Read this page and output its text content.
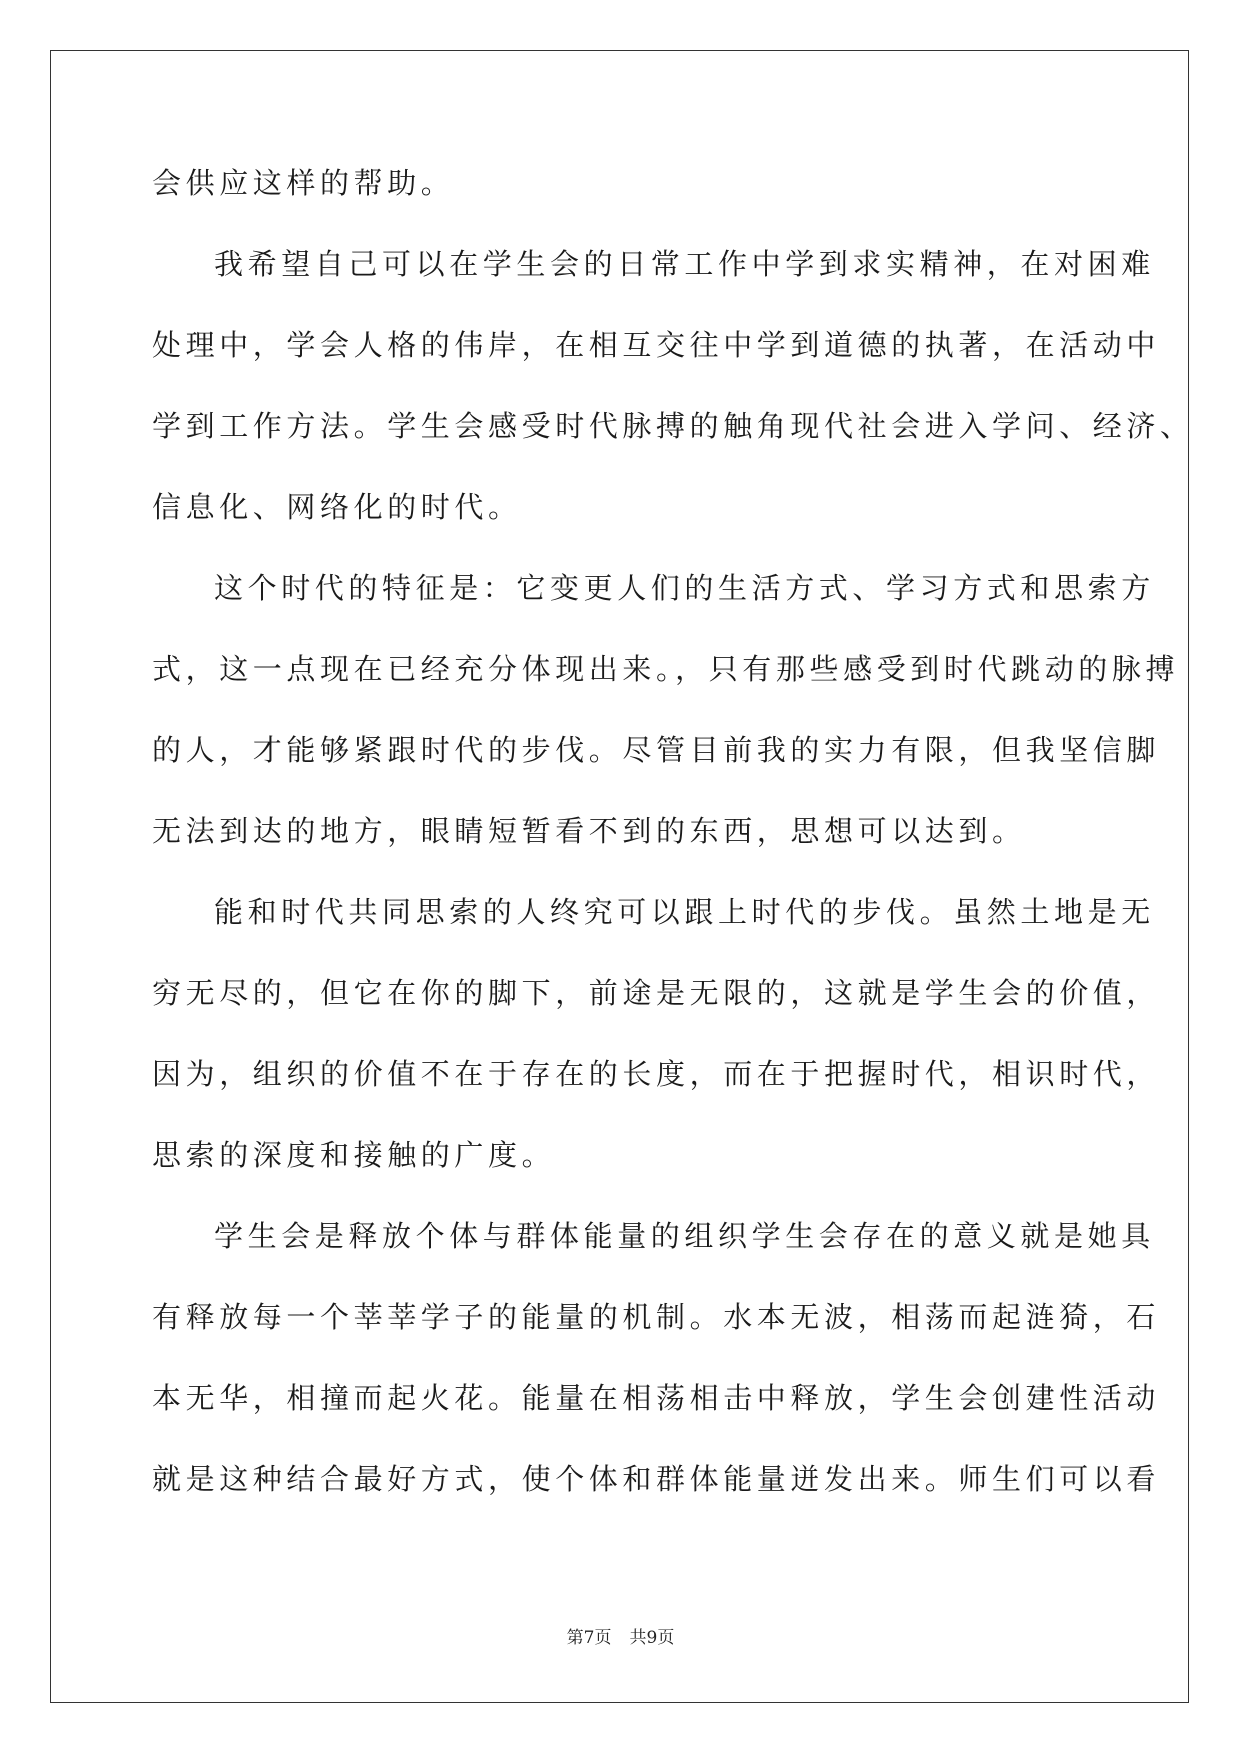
会供应这样的帮助。
我希望自己可以在学生会的日常工作中学到求实精神，在对困难
处理中，学会人格的伟岸，在相互交往中学到道德的执著，在活动中
学到工作方法。学生会感受时代脉搏的触角现代社会进入学问、经济、
信息化、网络化的时代。
这个时代的特征是：它变更人们的生活方式、学习方式和思索方
式，这一点现在已经充分体现出来。，只有那些感受到时代跳动的脉搏
的人，才能够紧跟时代的步伐。尽管目前我的实力有限，但我坚信脚
无法到达的地方，眼睛短暂看不到的东西，思想可以达到。
能和时代共同思索的人终究可以跟上时代的步伐。虽然土地是无
穷无尽的，但它在你的脚下，前途是无限的，这就是学生会的价值，
因为，组织的价值不在于存在的长度，而在于把握时代，相识时代，
思索的深度和接触的广度。
学生会是释放个体与群体能量的组织学生会存在的意义就是她具
有释放每一个莘莘学子的能量的机制。水本无波，相荡而起涟猗，石
本无华，相撞而起火花。能量在相荡相击中释放，学生会创建性活动
就是这种结合最好方式，使个体和群体能量迸发出来。师生们可以看
第7页 共9页
